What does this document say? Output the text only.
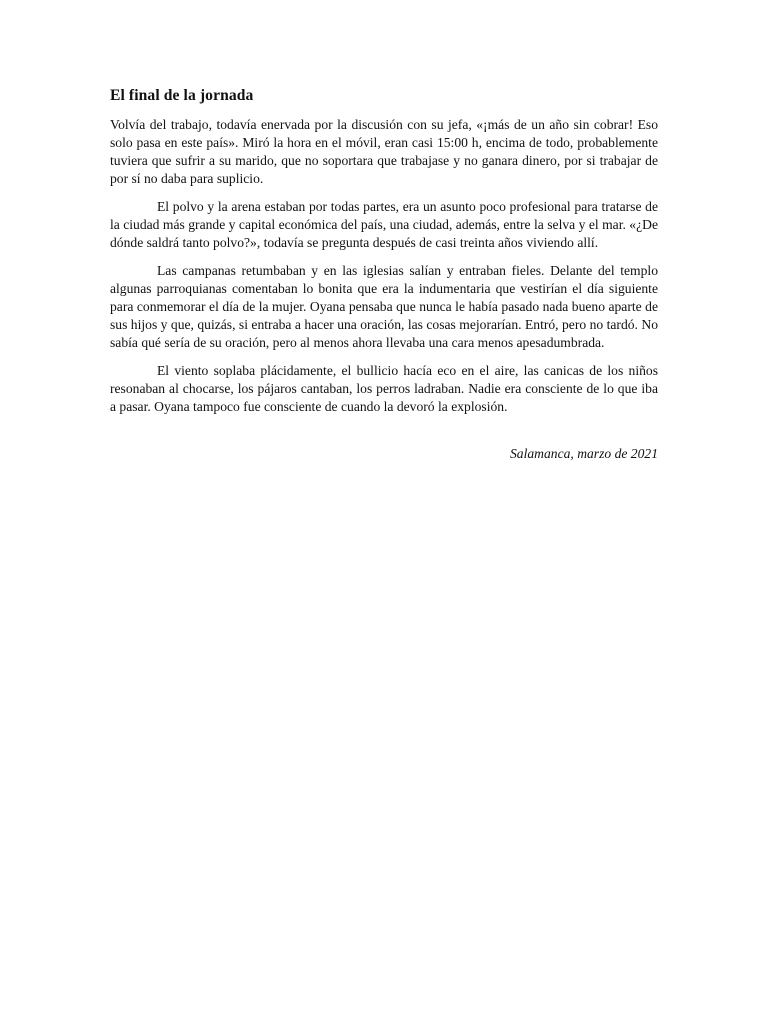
El final de la jornada

Volvía del trabajo, todavía enervada por la discusión con su jefa, «¡más de un año sin cobrar! Eso solo pasa en este país». Miró la hora en el móvil, eran casi 15:00 h, encima de todo, probablemente tuviera que sufrir a su marido, que no soportara que trabajase y no ganara dinero, por si trabajar de por sí no daba para suplicio.

El polvo y la arena estaban por todas partes, era un asunto poco profesional para tratarse de la ciudad más grande y capital económica del país, una ciudad, además, entre la selva y el mar. «¿De dónde saldrá tanto polvo?», todavía se pregunta después de casi treinta años viviendo allí.

Las campanas retumbaban y en las iglesias salían y entraban fieles. Delante del templo algunas parroquianas comentaban lo bonita que era la indumentaria que vestirían el día siguiente para conmemorar el día de la mujer. Oyana pensaba que nunca le había pasado nada bueno aparte de sus hijos y que, quizás, si entraba a hacer una oración, las cosas mejorarían. Entró, pero no tardó. No sabía qué sería de su oración, pero al menos ahora llevaba una cara menos apesadumbrada.

El viento soplaba plácidamente, el bullicio hacía eco en el aire, las canicas de los niños resonaban al chocarse, los pájaros cantaban, los perros ladraban. Nadie era consciente de lo que iba a pasar. Oyana tampoco fue consciente de cuando la devoró la explosión.

Salamanca, marzo de 2021
